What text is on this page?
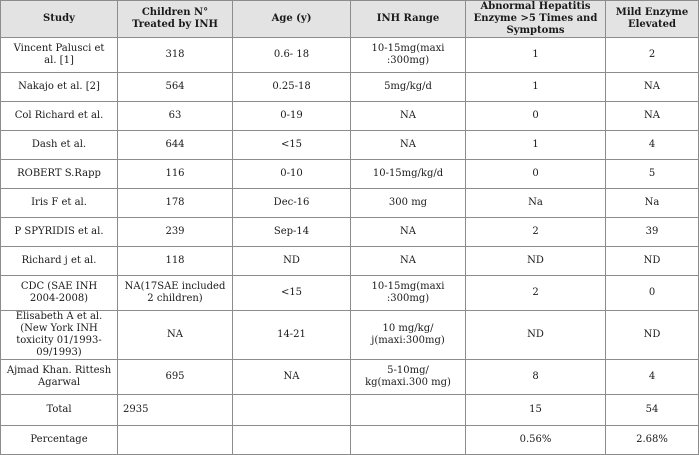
Study	Children N° Treated by INH	Age (y)	INH Range	Abnormal Hepatitis Enzyme >5 Times and Symptoms	Mild Enzyme Elevated
Vincent Palusci et al. [1]	318	0.6- 18	10-15mg(maxi :300mg)	1	2
Nakajo et al. [2]	564	0.25-18	5mg/kg/d	1	NA
Col Richard et al.	63	0-19	NA	0	NA
Dash et al.	644	<15	NA	1	4
ROBERT S.Rapp	116	0-10	10-15mg/kg/d	0	5
Iris F et al.	178	Dec-16	300 mg	Na	Na
P SPYRIDIS et al.	239	Sep-14	NA	2	39
Richard j et al.	118	ND	NA	ND	ND
CDC (SAE INH 2004-2008)	NA(17SAE included 2 children)	<15	10-15mg(maxi :300mg)	2	0
Elisabeth A et al. (New York INH toxicity 01/1993-09/1993)	NA	14-21	10 mg/kg/ j(maxi:300mg)	ND	ND
Ajmad Khan. Rittesh Agarwal	695	NA	5-10mg/ kg(maxi.300 mg)	8	4
Total	2935			15	54
Percentage				0.56%	2.68%
